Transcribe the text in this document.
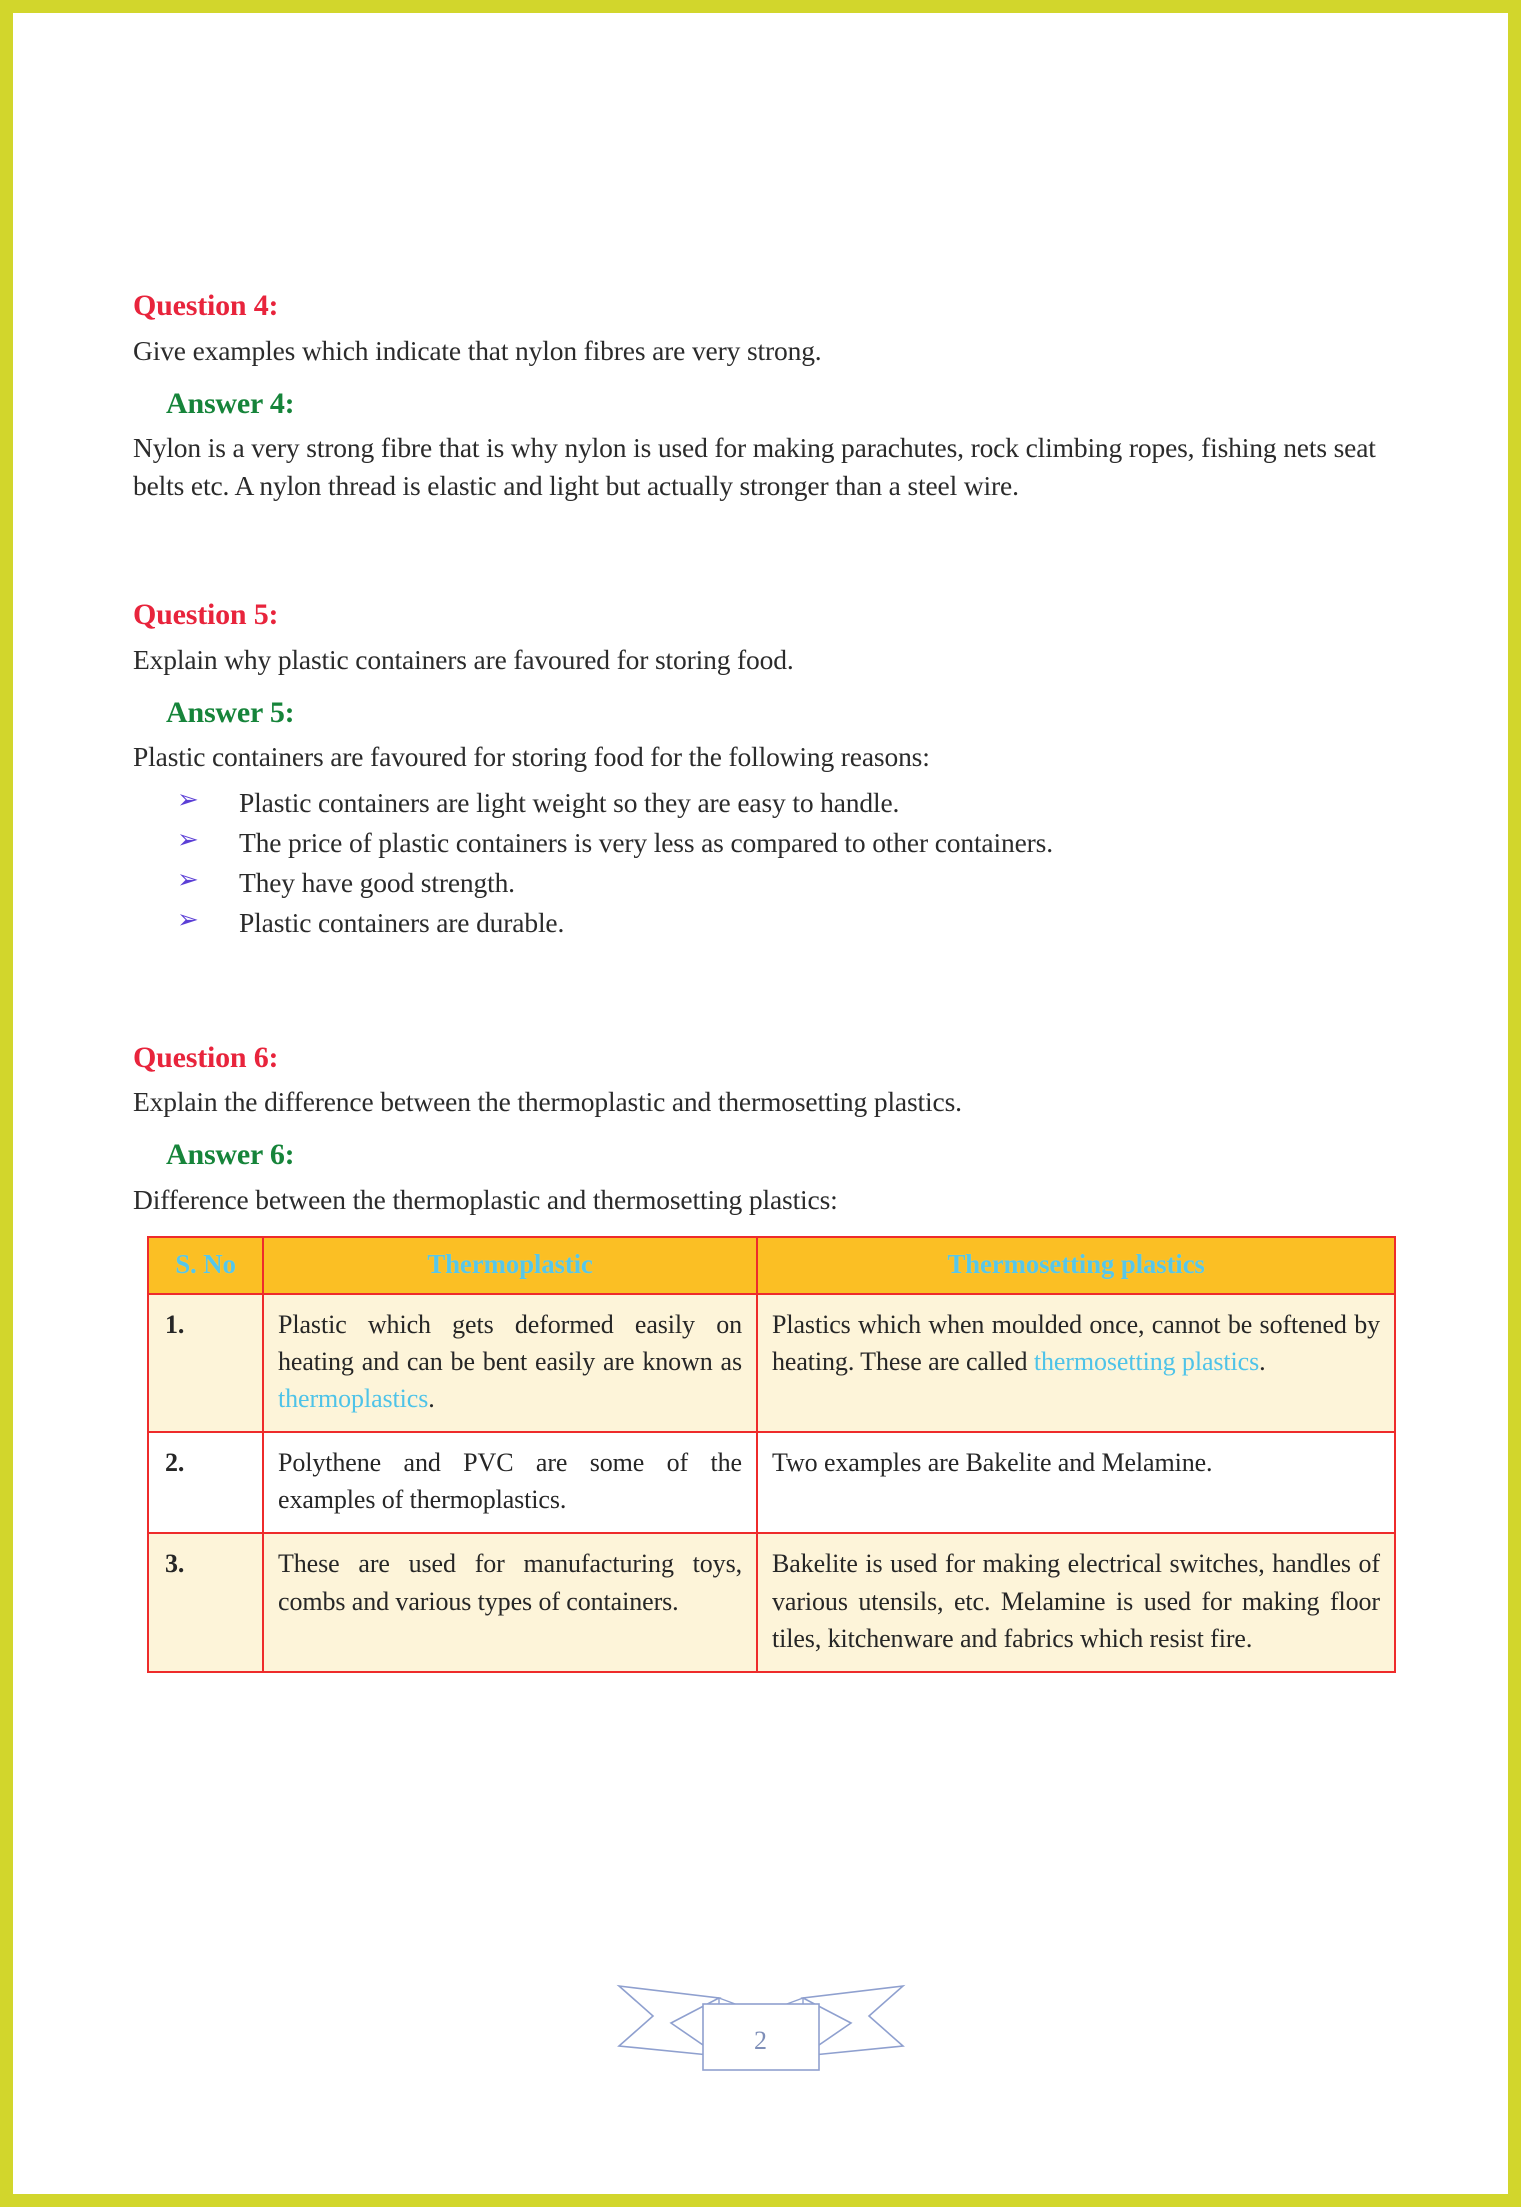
Question 4:
Give examples which indicate that nylon fibres are very strong.
Answer 4:
Nylon is a very strong fibre that is why nylon is used for making parachutes, rock climbing ropes, fishing nets seat belts etc. A nylon thread is elastic and light but actually stronger than a steel wire.
Question 5:
Explain why plastic containers are favoured for storing food.
Answer 5:
Plastic containers are favoured for storing food for the following reasons:
➢ Plastic containers are light weight so they are easy to handle.
➢ The price of plastic containers is very less as compared to other containers.
➢ They have good strength.
➢ Plastic containers are durable.
Question 6:
Explain the difference between the thermoplastic and thermosetting plastics.
Answer 6:
Difference between the thermoplastic and thermosetting plastics:
S. No	Thermoplastic	Thermosetting plastics
1.	Plastic which gets deformed easily on heating and can be bent easily are known as thermoplastics.	Plastics which when moulded once, cannot be softened by heating. These are called thermosetting plastics.
2.	Polythene and PVC are some of the examples of thermoplastics.	Two examples are Bakelite and Melamine.
3.	These are used for manufacturing toys, combs and various types of containers.	Bakelite is used for making electrical switches, handles of various utensils, etc. Melamine is used for making floor tiles, kitchenware and fabrics which resist fire.
2
